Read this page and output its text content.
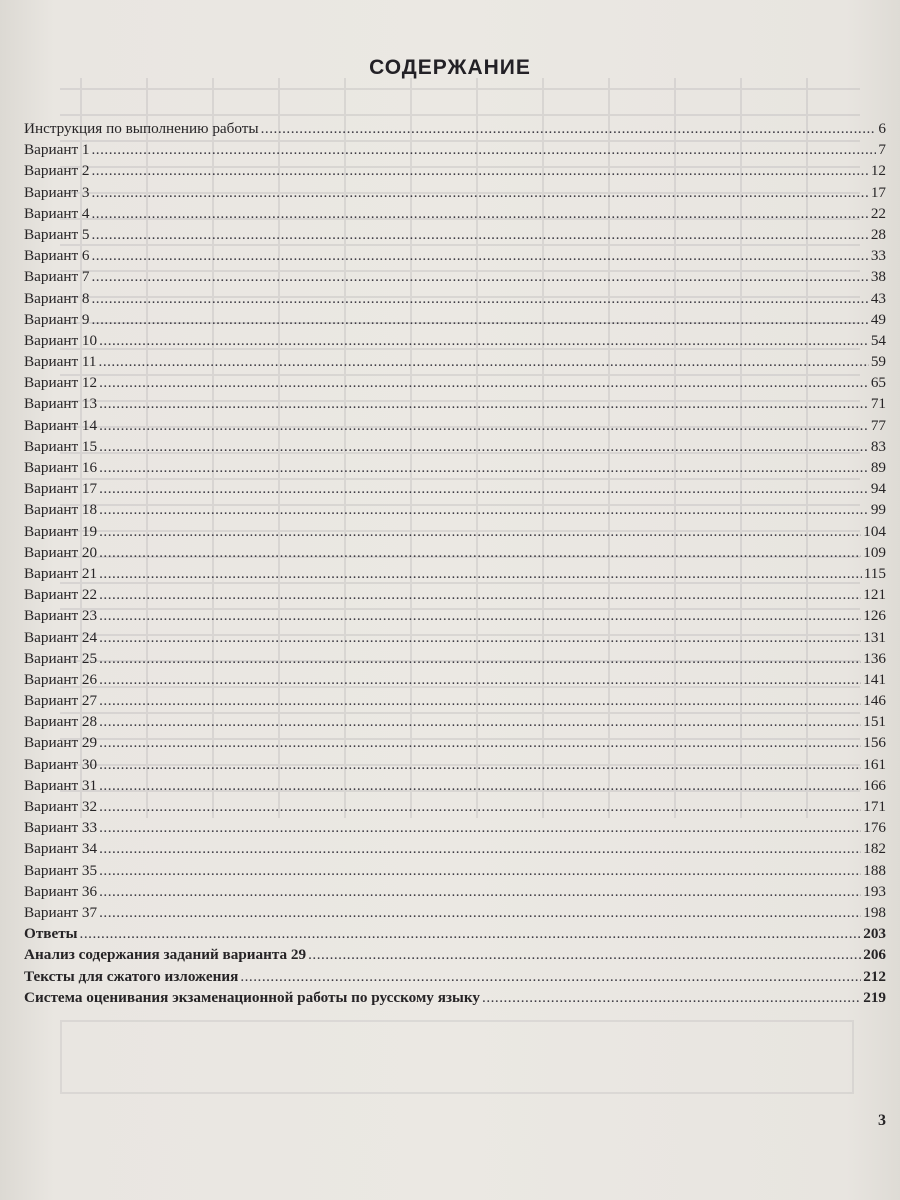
СОДЕРЖАНИЕ
Инструкция по выполнению работы .....	6
Вариант 1 .....	7
Вариант 2 .....	12
Вариант 3 .....	17
Вариант 4 .....	22
Вариант 5 .....	28
Вариант 6 .....	33
Вариант 7 .....	38
Вариант 8 .....	43
Вариант 9 .....	49
Вариант 10 .....	54
Вариант 11 .....	59
Вариант 12 .....	65
Вариант 13 .....	71
Вариант 14 .....	77
Вариант 15 .....	83
Вариант 16 .....	89
Вариант 17 .....	94
Вариант 18 .....	99
Вариант 19 .....	104
Вариант 20 .....	109
Вариант 21 .....	115
Вариант 22 .....	121
Вариант 23 .....	126
Вариант 24 .....	131
Вариант 25 .....	136
Вариант 26 .....	141
Вариант 27 .....	146
Вариант 28 .....	151
Вариант 29 .....	156
Вариант 30 .....	161
Вариант 31 .....	166
Вариант 32 .....	171
Вариант 33 .....	176
Вариант 34 .....	182
Вариант 35 .....	188
Вариант 36 .....	193
Вариант 37 .....	198
Ответы .....	203
Анализ содержания заданий варианта 29 .....	206
Тексты для сжатого изложения .....	212
Система оценивания экзаменационной работы по русскому языку .....	219
3
